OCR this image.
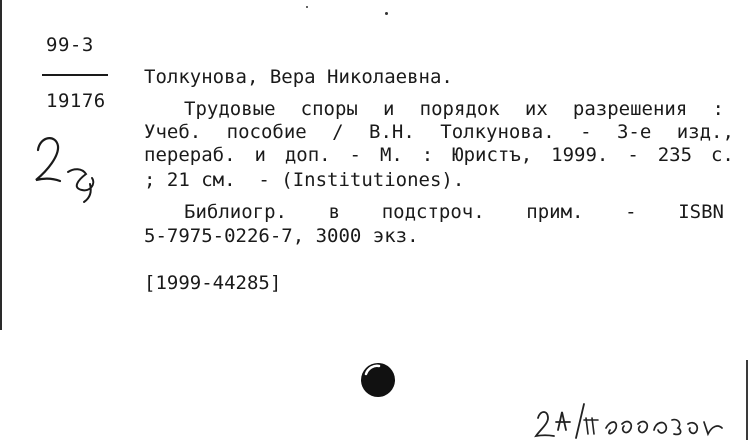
99-3
19176
Толкунова, Вера Николаевна.
Трудовые споры и порядок их разрешения :
Учеб. пособие / В.Н. Толкунова. - 3-е изд.,
перераб. и доп. - М. : Юристъ, 1999. - 235 с.
; 21 см.  - (Institutiones).
Библиогр. в подстроч. прим. - ISBN
5-7975-0226-7, 3000 экз.
[1999-44285]
